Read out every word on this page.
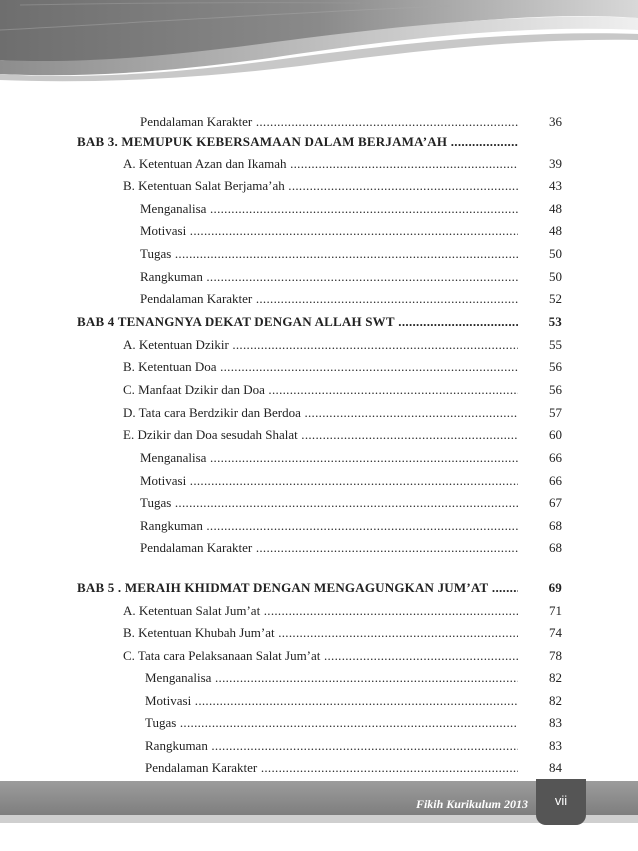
Pendalaman Karakter .....	36
BAB 3. MEMUPUK KEBERSAMAAN DALAM BERJAMA’AH .....
A. Ketentuan Azan dan Ikamah .....	39
B. Ketentuan Salat Berjama’ah .....	43
Menganalisa .....	48
Motivasi .....	48
Tugas .....	50
Rangkuman .....	50
Pendalaman Karakter .....	52
BAB 4 TENANGNYA DEKAT DENGAN ALLAH SWT .....	53
A. Ketentuan Dzikir .....	55
B. Ketentuan Doa .....	56
C. Manfaat Dzikir dan Doa .....	56
D. Tata cara Berdzikir dan Berdoa .....	57
E. Dzikir dan Doa sesudah Shalat .....	60
Menganalisa .....	66
Motivasi .....	66
Tugas .....	67
Rangkuman .....	68
Pendalaman Karakter .....	68
BAB 5 . MERAIH KHIDMAT DENGAN MENGAGUNGKAN JUM’AT .....	69
A. Ketentuan Salat Jum’at .....	71
B. Ketentuan Khubah Jum’at .....	74
C. Tata cara Pelaksanaan Salat Jum’at .....	78
Menganalisa .....	82
Motivasi .....	82
Tugas .....	83
Rangkuman .....	83
Pendalaman Karakter .....	84
Fikih Kurikulum 2013	vii
